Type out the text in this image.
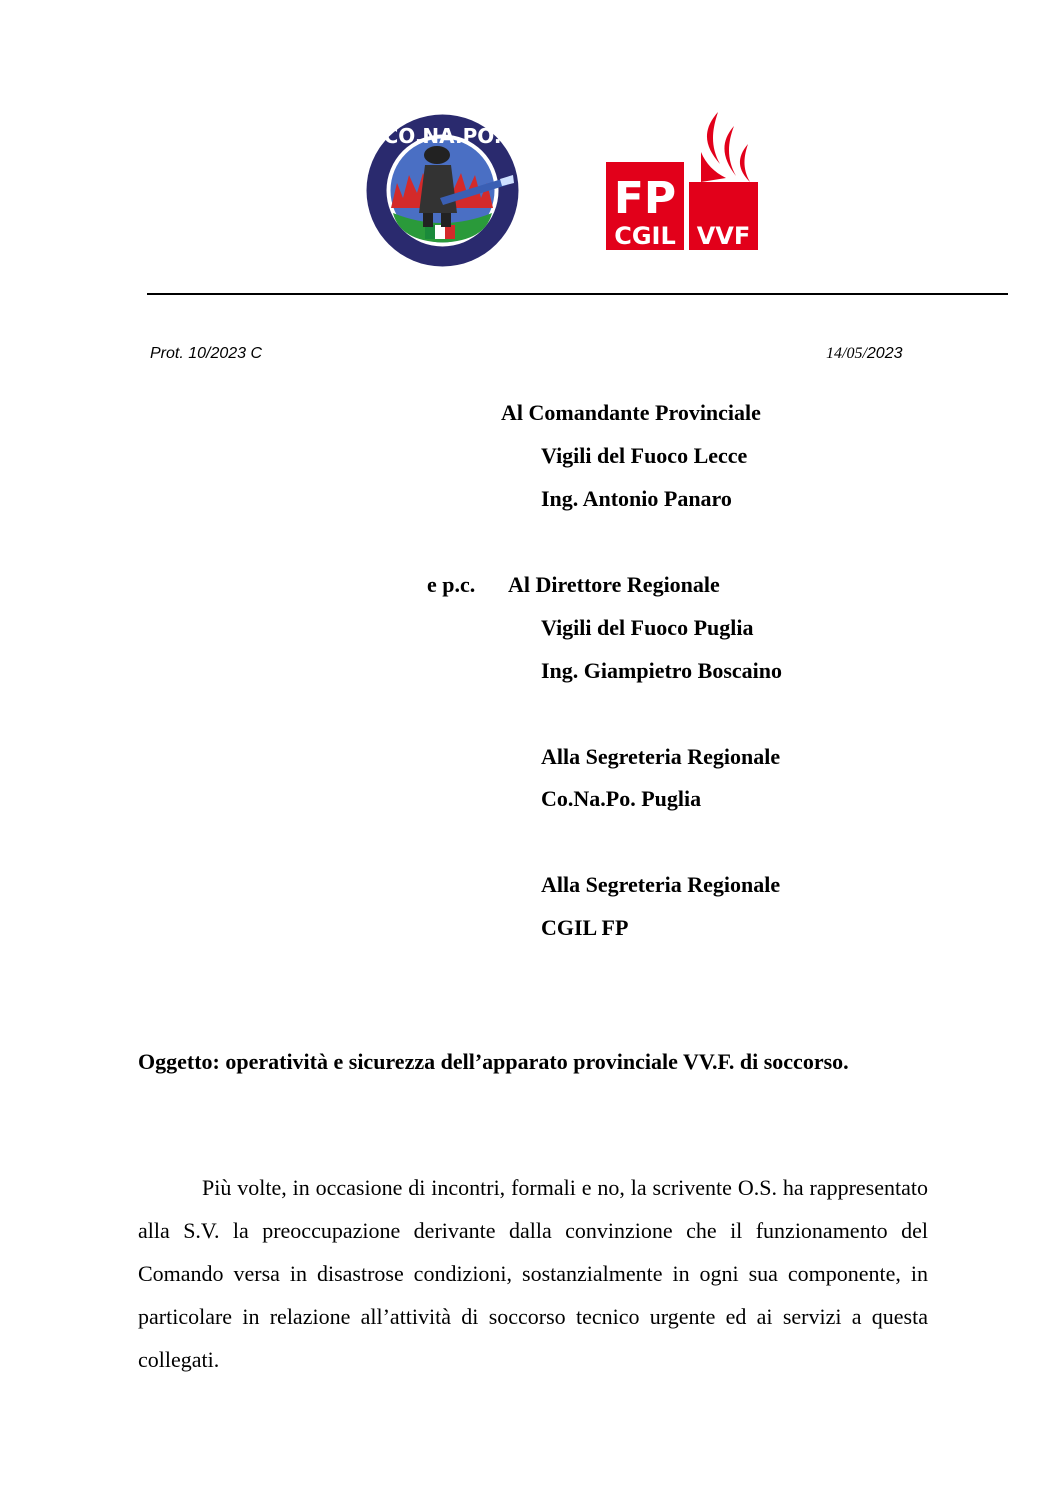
CO.NA.PO.
FP
CGIL VVF
Prot. 10/2023 C	14/05/2023
Al Comandante Provinciale
Vigili del Fuoco Lecce
Ing. Antonio Panaro
e p.c. Al Direttore Regionale
Vigili del Fuoco Puglia
Ing. Giampietro Boscaino
Alla Segreteria Regionale
Co.Na.Po. Puglia
Alla Segreteria Regionale
CGIL FP
Oggetto: operatività e sicurezza dell’apparato provinciale VV.F. di soccorso.
Più volte, in occasione di incontri, formali e no, la scrivente O.S. ha rappresentato alla S.V. la preoccupazione derivante dalla convinzione che il funzionamento del Comando versa in disastrose condizioni, sostanzialmente in ogni sua componente, in particolare in relazione all’attività di soccorso tecnico urgente ed ai servizi a questa collegati.
